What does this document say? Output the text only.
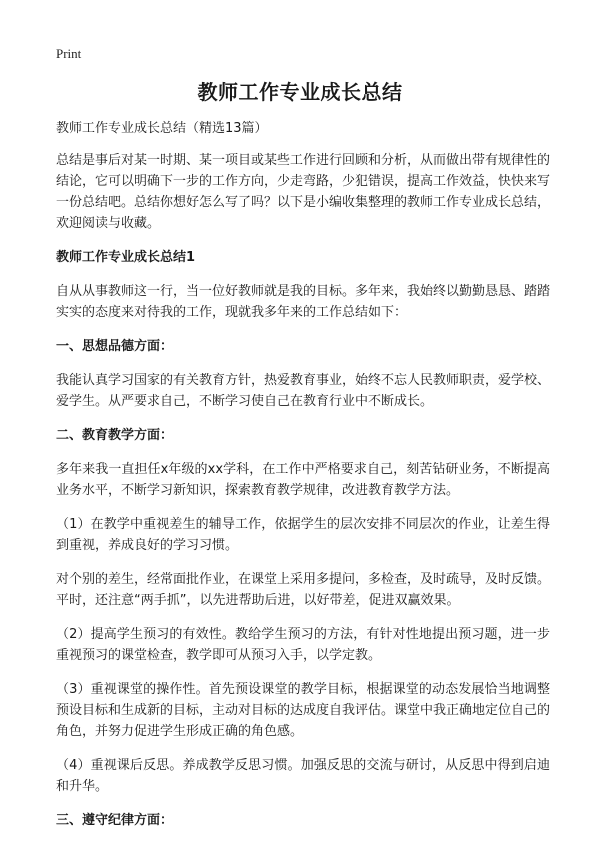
Print
教师工作专业成长总结

教师工作专业成长总结（精选13篇）

总结是事后对某一时期、某一项目或某些工作进行回顾和分析，从而做出带有规律性的结论，它可以明确下一步的工作方向，少走弯路，少犯错误，提高工作效益，快快来写一份总结吧。总结你想好怎么写了吗？以下是小编收集整理的教师工作专业成长总结，欢迎阅读与收藏。

教师工作专业成长总结1

自从从事教师这一行，当一位好教师就是我的目标。多年来，我始终以勤勤恳恳、踏踏实实的态度来对待我的工作，现就我多年来的工作总结如下：

一、思想品德方面：

我能认真学习国家的有关教育方针，热爱教育事业，始终不忘人民教师职责，爱学校、爱学生。从严要求自己，不断学习使自己在教育行业中不断成长。

二、教育教学方面：

多年来我一直担任x年级的xx学科，在工作中严格要求自己，刻苦钻研业务，不断提高业务水平，不断学习新知识，探索教育教学规律，改进教育教学方法。

（1）在教学中重视差生的辅导工作，依据学生的层次安排不同层次的作业，让差生得到重视，养成良好的学习习惯。

对个别的差生，经常面批作业，在课堂上采用多提问，多检查，及时疏导，及时反馈。平时，还注意“两手抓”，以先进帮助后进，以好带差，促进双赢效果。

（2）提高学生预习的有效性。教给学生预习的方法，有针对性地提出预习题，进一步重视预习的课堂检查，教学即可从预习入手，以学定教。

（3）重视课堂的操作性。首先预设课堂的教学目标，根据课堂的动态发展恰当地调整预设目标和生成新的目标，主动对目标的达成度自我评估。课堂中我正确地定位自己的 角色，并努力促进学生形成正确的角色感。

（4）重视课后反思。养成教学反思习惯。加强反思的交流与研讨，从反思中得到启迪和升华。

三、遵守纪律方面：
